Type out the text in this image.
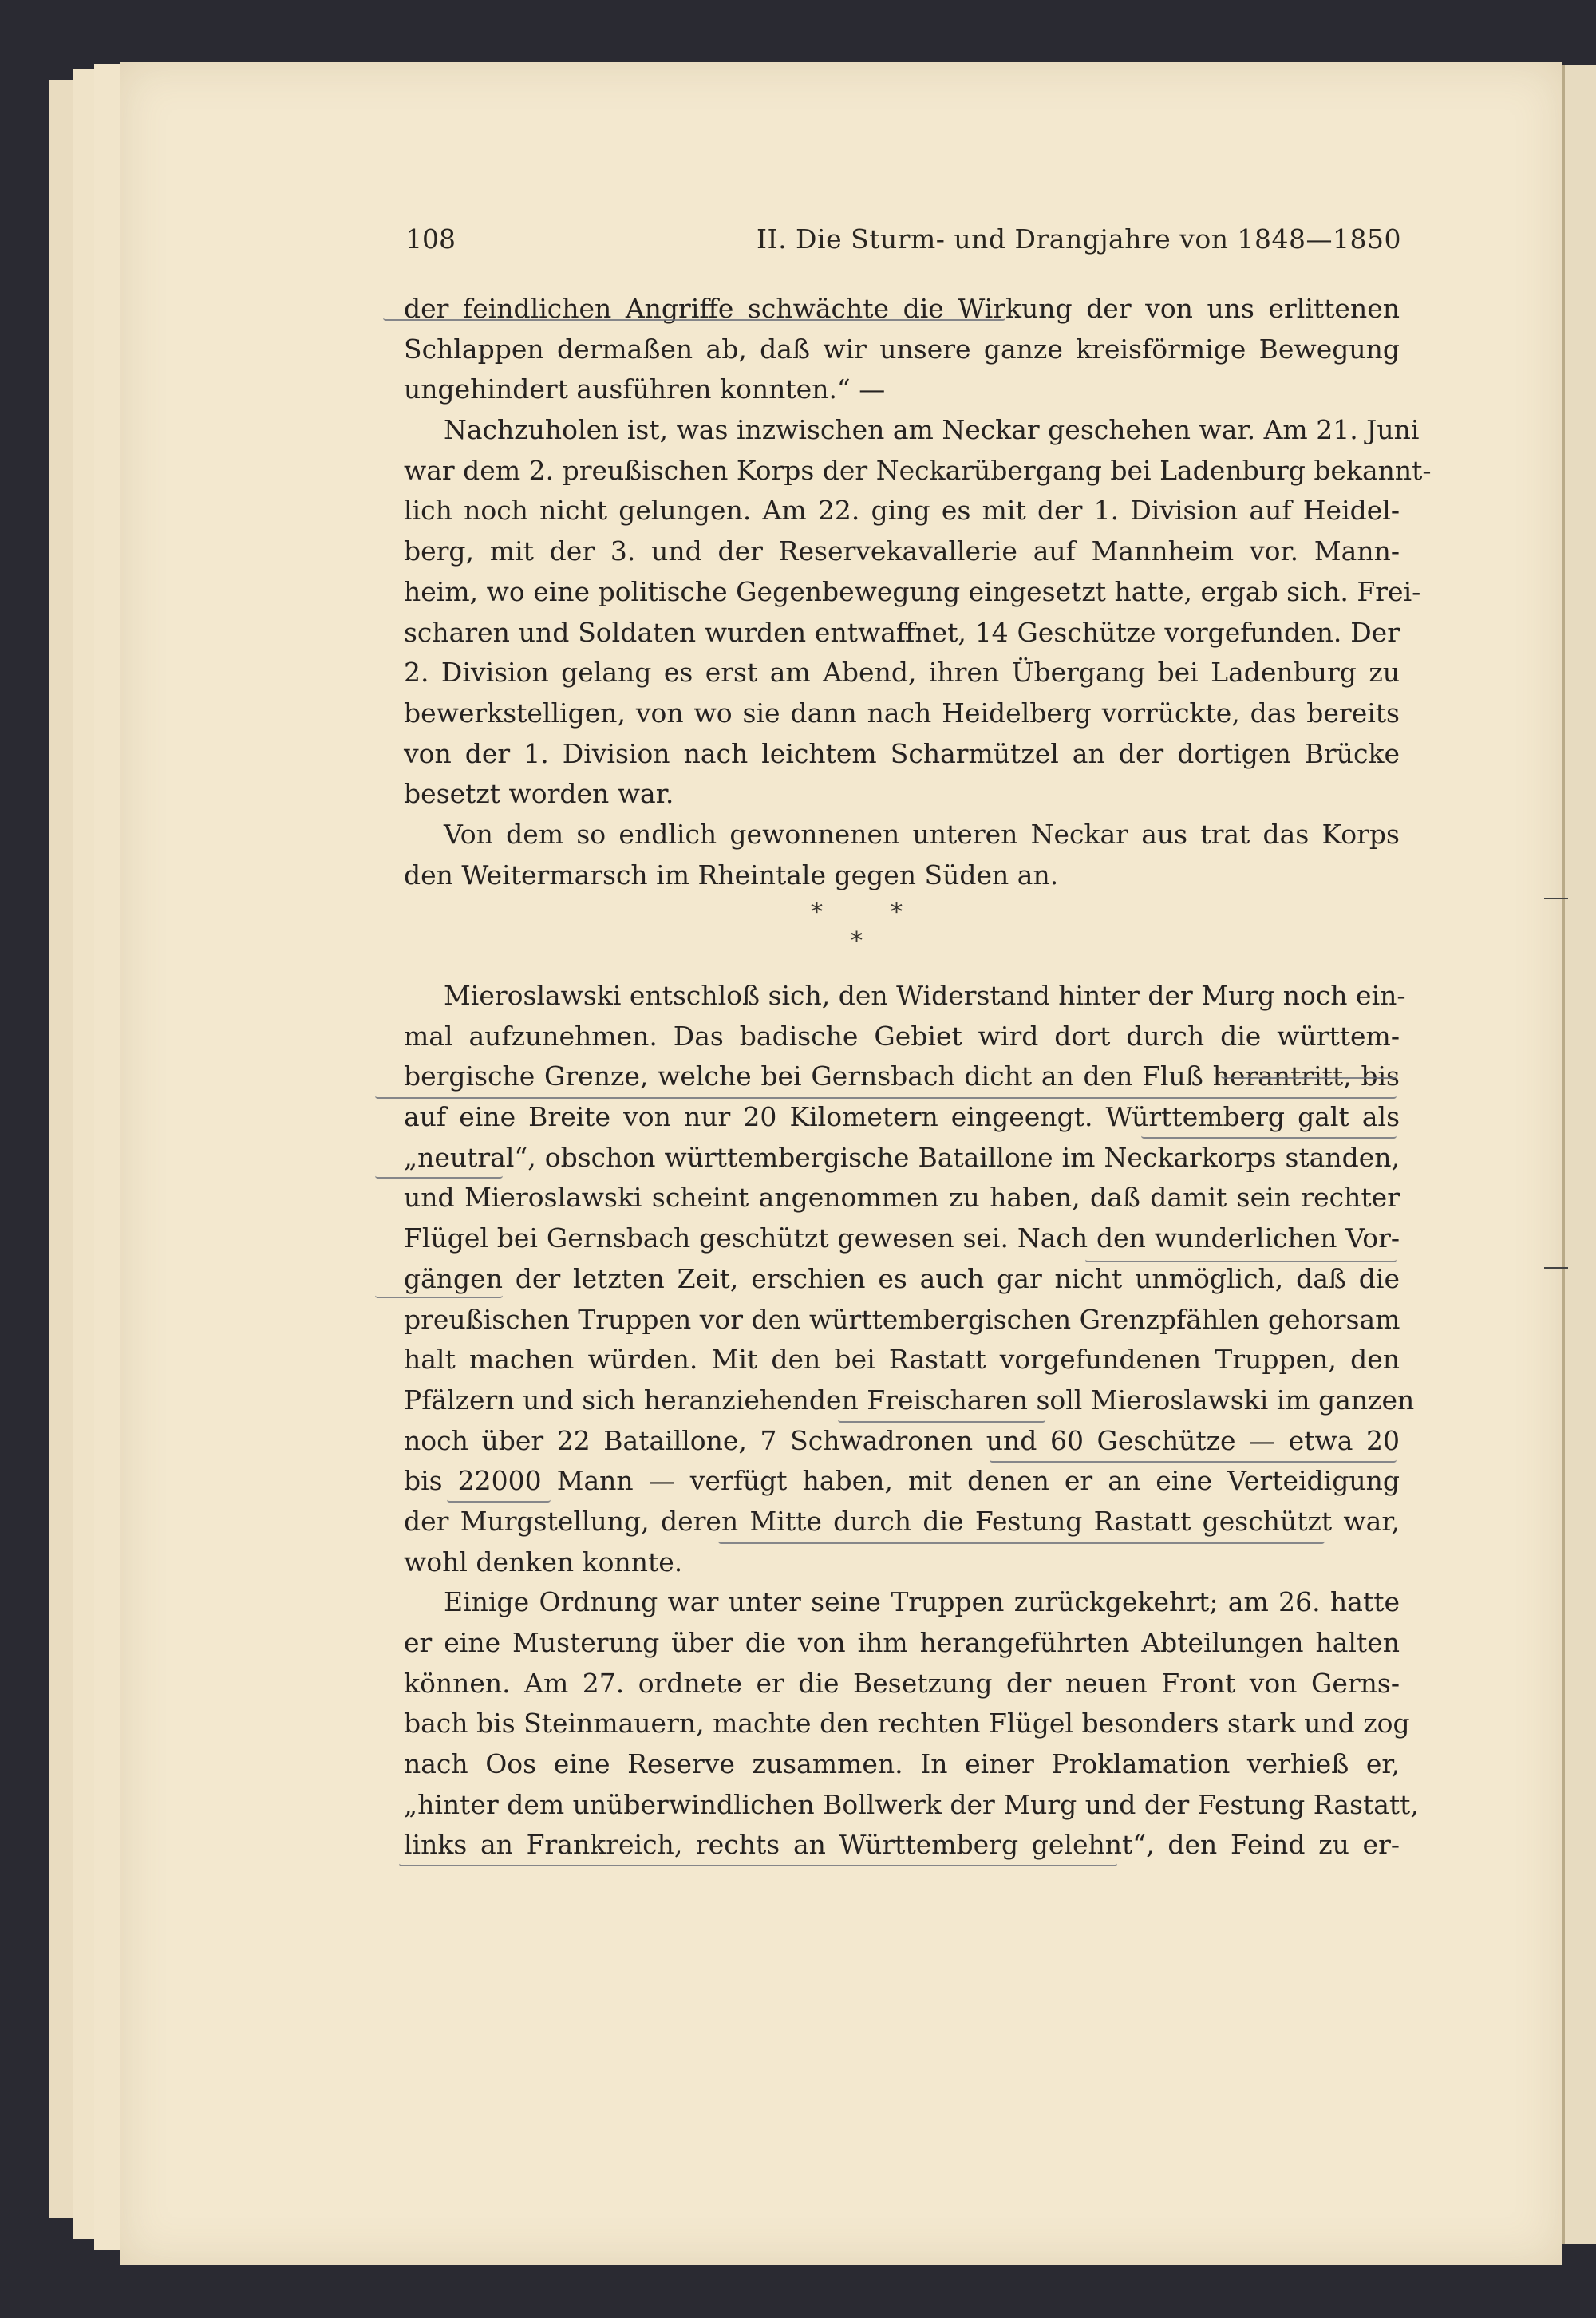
108	II. Die Sturm- und Drangjahre von 1848—1850
der feindlichen Angriffe schwächte die Wirkung der von uns erlittenen
Schlappen dermaßen ab, daß wir unsere ganze kreisförmige Bewegung
ungehindert ausführen konnten.“ —
Nachzuholen ist, was inzwischen am Neckar geschehen war. Am 21. Juni
war dem 2. preußischen Korps der Neckarübergang bei Ladenburg bekannt-
lich noch nicht gelungen. Am 22. ging es mit der 1. Division auf Heidel-
berg, mit der 3. und der Reservekavallerie auf Mannheim vor. Mann-
heim, wo eine politische Gegenbewegung eingesetzt hatte, ergab sich. Frei-
scharen und Soldaten wurden entwaffnet, 14 Geschütze vorgefunden. Der
2. Division gelang es erst am Abend, ihren Übergang bei Ladenburg zu
bewerkstelligen, von wo sie dann nach Heidelberg vorrückte, das bereits
von der 1. Division nach leichtem Scharmützel an der dortigen Brücke
besetzt worden war.
Von dem so endlich gewonnenen unteren Neckar aus trat das Korps
den Weitermarsch im Rheintale gegen Süden an.
*	*
*
Mieroslawski entschloß sich, den Widerstand hinter der Murg noch ein-
mal aufzunehmen. Das badische Gebiet wird dort durch die württem-
bergische Grenze, welche bei Gernsbach dicht an den Fluß herantritt, bis
auf eine Breite von nur 20 Kilometern eingeengt. Württemberg galt als
„neutral“, obschon württembergische Bataillone im Neckarkorps standen,
und Mieroslawski scheint angenommen zu haben, daß damit sein rechter
Flügel bei Gernsbach geschützt gewesen sei. Nach den wunderlichen Vor-
gängen der letzten Zeit, erschien es auch gar nicht unmöglich, daß die
preußischen Truppen vor den württembergischen Grenzpfählen gehorsam
halt machen würden. Mit den bei Rastatt vorgefundenen Truppen, den
Pfälzern und sich heranziehenden Freischaren soll Mieroslawski im ganzen
noch über 22 Bataillone, 7 Schwadronen und 60 Geschütze — etwa 20
bis 22000 Mann — verfügt haben, mit denen er an eine Verteidigung
der Murgstellung, deren Mitte durch die Festung Rastatt geschützt war,
wohl denken konnte.
Einige Ordnung war unter seine Truppen zurückgekehrt; am 26. hatte
er eine Musterung über die von ihm herangeführten Abteilungen halten
können. Am 27. ordnete er die Besetzung der neuen Front von Gerns-
bach bis Steinmauern, machte den rechten Flügel besonders stark und zog
nach Oos eine Reserve zusammen. In einer Proklamation verhieß er,
„hinter dem unüberwindlichen Bollwerk der Murg und der Festung Rastatt,
links an Frankreich, rechts an Württemberg gelehnt“, den Feind zu er-
